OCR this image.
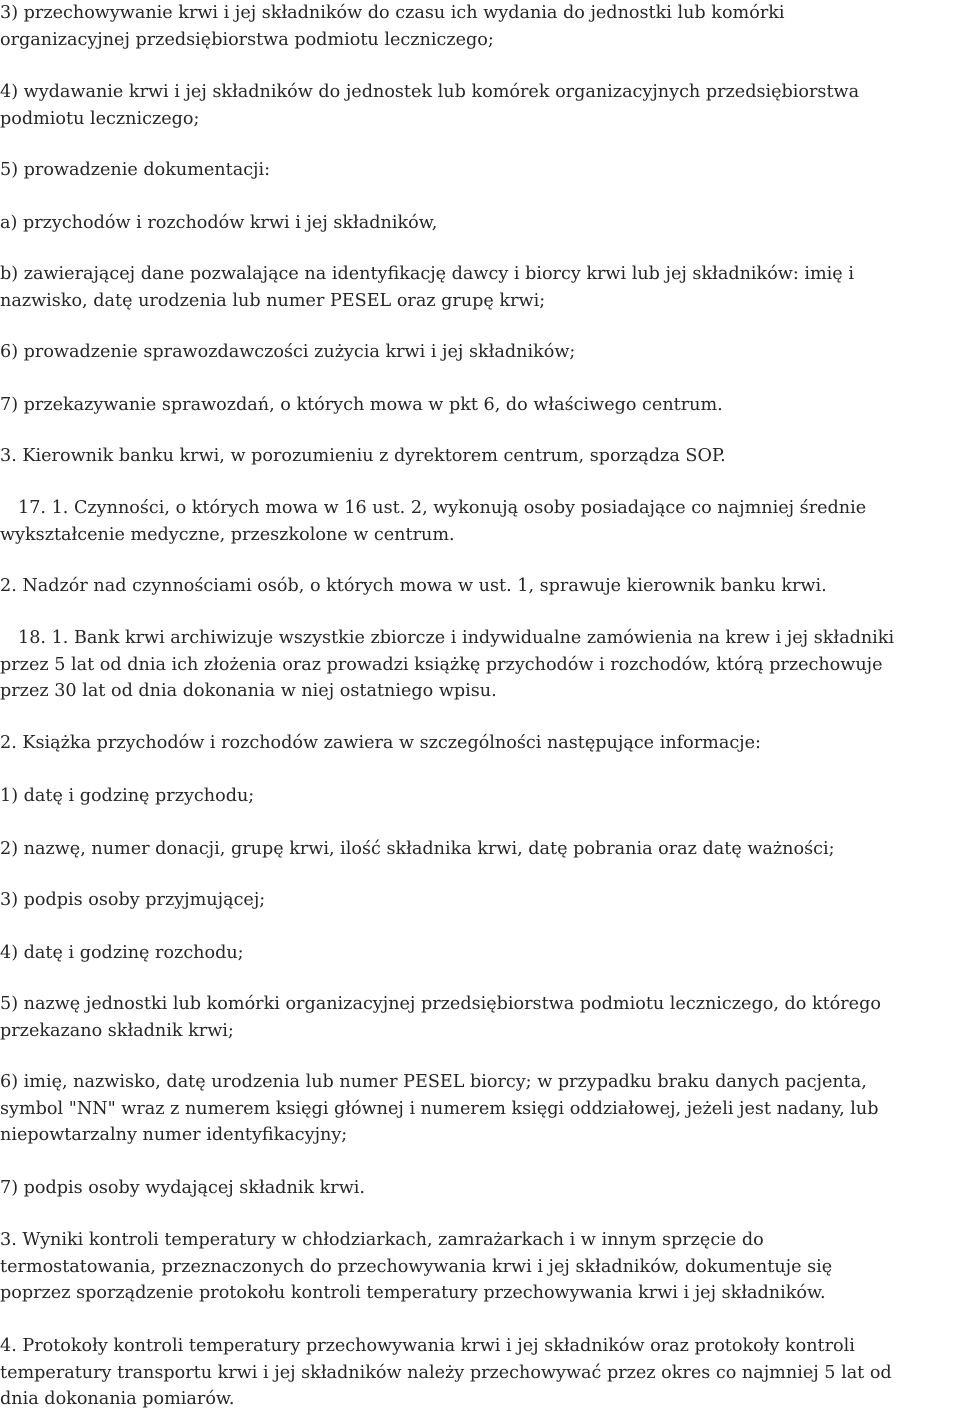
3) przechowywanie krwi i jej składników do czasu ich wydania do jednostki lub komórki
organizacyjnej przedsiębiorstwa podmiotu leczniczego;

4) wydawanie krwi i jej składników do jednostek lub komórek organizacyjnych przedsiębiorstwa
podmiotu leczniczego;

5) prowadzenie dokumentacji:

a) przychodów i rozchodów krwi i jej składników,

b) zawierającej dane pozwalające na identyfikację dawcy i biorcy krwi lub jej składników: imię i
nazwisko, datę urodzenia lub numer PESEL oraz grupę krwi;

6) prowadzenie sprawozdawczości zużycia krwi i jej składników;

7) przekazywanie sprawozdań, o których mowa w pkt 6, do właściwego centrum.

3. Kierownik banku krwi, w porozumieniu z dyrektorem centrum, sporządza SOP.

17. 1. Czynności, o których mowa w 16 ust. 2, wykonują osoby posiadające co najmniej średnie
wykształcenie medyczne, przeszkolone w centrum.

2. Nadzór nad czynnościami osób, o których mowa w ust. 1, sprawuje kierownik banku krwi.

18. 1. Bank krwi archiwizuje wszystkie zbiorcze i indywidualne zamówienia na krew i jej składniki
przez 5 lat od dnia ich złożenia oraz prowadzi książkę przychodów i rozchodów, którą przechowuje
przez 30 lat od dnia dokonania w niej ostatniego wpisu.

2. Książka przychodów i rozchodów zawiera w szczególności następujące informacje:

1) datę i godzinę przychodu;

2) nazwę, numer donacji, grupę krwi, ilość składnika krwi, datę pobrania oraz datę ważności;

3) podpis osoby przyjmującej;

4) datę i godzinę rozchodu;

5) nazwę jednostki lub komórki organizacyjnej przedsiębiorstwa podmiotu leczniczego, do którego
przekazano składnik krwi;

6) imię, nazwisko, datę urodzenia lub numer PESEL biorcy; w przypadku braku danych pacjenta,
symbol "NN" wraz z numerem księgi głównej i numerem księgi oddziałowej, jeżeli jest nadany, lub
niepowtarzalny numer identyfikacyjny;

7) podpis osoby wydającej składnik krwi.

3. Wyniki kontroli temperatury w chłodziarkach, zamrażarkach i w innym sprzęcie do
termostatowania, przeznaczonych do przechowywania krwi i jej składników, dokumentuje się
poprzez sporządzenie protokołu kontroli temperatury przechowywania krwi i jej składników.

4. Protokoły kontroli temperatury przechowywania krwi i jej składników oraz protokoły kontroli
temperatury transportu krwi i jej składników należy przechowywać przez okres co najmniej 5 lat od
dnia dokonania pomiarów.
